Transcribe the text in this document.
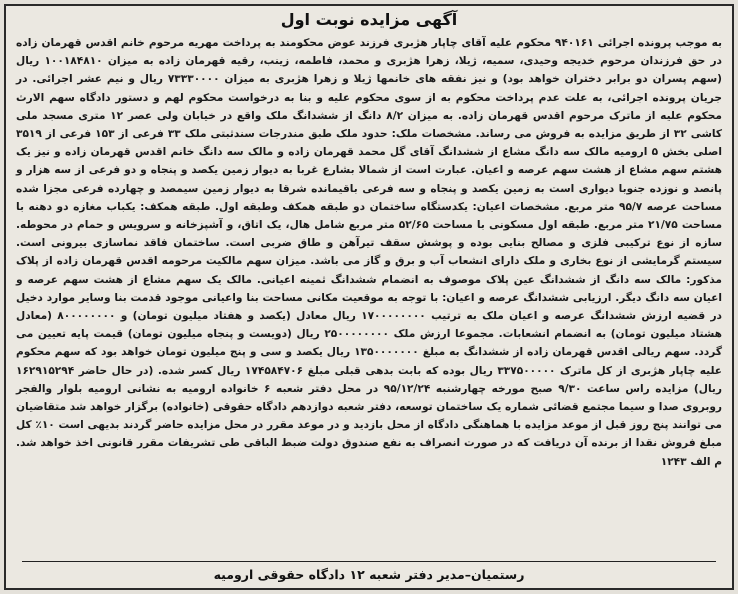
آگهی مزایده نوبت اول
به موجب پرونده اجرائی ۹۴۰۱۶۱ محکوم علیه آقای چاپار هژبری فرزند عوض محکومند به پرداخت مهریه مرحوم خانم اقدس قهرمان زاده در حق فرزندان مرحوم خدیجه وحیدی، سمیه، ژیلا، زهرا هژبری و محمد، فاطمه، زینب، رقیه قهرمان زاده به میزان ۱۰۰۱۸۴۸۱۰ ریال (سهم پسران دو برابر دختران خواهد بود) و نیز نفقه های خانمها ژیلا و زهرا هژبری به میزان ۷۳۳۳۰۰۰۰ ریال و نیم عشر اجرائی. در جریان پرونده اجرائی، به علت عدم پرداخت محکوم به از سوی محکوم علیه و بنا به درخواست محکوم لهم و دستور دادگاه سهم الارث محکوم علیه از ماترک مرحوم اقدس قهرمان زاده. به میزان ۸/۲ دانگ از ششدانگ ملک واقع در خیابان ولی عصر ۱۲ متری مسجد ملی کاشی ۳۲ از طریق مزایده به فروش می رساند. مشخصات ملک: حدود ملک طبق مندرجات سندثبتی ملک ۳۳ فرعی از ۱۵۳ فرعی از ۳۵۱۹ اصلی بخش ۵ ارومیه مالک سه دانگ مشاع از ششدانگ آقای گل محمد قهرمان زاده و مالک سه دانگ خانم اقدس قهرمان زاده و نیز یک هشتم سهم مشاع از هشت سهم عرصه و اعیان. عبارت است از شمالا بشارع غربا به دیوار زمین یکصد و پنجاه و دو فرعی از سه هزار و پانصد و نوزده جنوبا دیواری است به زمین یکصد و پنجاه و سه فرعی باقیمانده شرقا به دیوار زمین سیمصد و چهارده فرعی مجزا شده مساحت عرصه ۹۵/۷ متر مربع. مشخصات اعیان: یکدستگاه ساختمان دو طبقه همکف وطبقه اول. طبقه همکف: یکباب مغازه دو دهنه با مساحت ۲۱/۷۵ متر مربع. طبقه اول مسکونی با مساحت ۵۲/۶۵ متر مربع شامل هال، یک اتاق، و آشپزخانه و سرویس و حمام در محوطه. سازه از نوع ترکیبی فلزی و مصالح بنایی بوده و پوشش سقف تیرآهن و طاق ضربی است. ساختمان فاقد نماسازی بیرونی است. سیستم گرمایشی از نوع بخاری و ملک دارای انشعاب آب و برق و گاز می باشد. میزان سهم مالکیت مرحومه اقدس قهرمان زاده از پلاک مذکور: مالک سه دانگ از ششدانگ عین پلاک موصوف به انضمام ششدانگ ثمینه اعیانی. مالک یک سهم مشاع از هشت سهم عرصه و اعیان سه دانگ دیگر. ارزیابی ششدانگ عرصه و اعیان: با توجه به موقعیت مکانی مساحت بنا واعیانی موجود قدمت بنا وسایر موارد دخیل در قضیه ارزش ششدانگ عرصه و اعیان ملک به ترتیب ۱۷۰۰۰۰۰۰۰۰ ریال معادل (یکصد و هفتاد میلیون تومان) و ۸۰۰۰۰۰۰۰۰ (معادل هشتاد میلیون تومان) به انضمام انشعابات. مجموعا ارزش ملک ۲۵۰۰۰۰۰۰۰۰ ریال (دویست و پنجاه میلیون تومان) قیمت پایه تعیین می گردد. سهم ریالی اقدس قهرمان زاده از ششدانگ به مبلغ ۱۳۵۰۰۰۰۰۰۰ ریال یکصد و سی و پنج میلیون تومان خواهد بود که سهم محکوم علیه چاپار هژبری از کل ماترک ۳۳۷۵۰۰۰۰۰ ریال بوده که بابت بدهی قبلی مبلغ ۱۷۴۵۸۴۷۰۶ ریال کسر شده. (در حال حاضر ۱۶۲۹۱۵۲۹۴ ریال) مزایده راس ساعت ۹/۳۰ صبح مورخه چهارشنبه ۹۵/۱۲/۲۴ در محل دفتر شعبه ۶ خانواده ارومیه به نشانی ارومیه بلوار والفجر روبروی صدا و سیما مجتمع قضائی شماره یک ساختمان توسعه، دفتر شعبه دوازدهم دادگاه حقوقی (خانواده) برگزار خواهد شد متقاضیان می توانند پنج روز قبل از موعد مزایده با هماهنگی دادگاه از محل بازدید و در موعد مقرر در محل مزایده حاضر گردند بدیهی است ۱۰٪ کل مبلغ فروش نقدا از برنده آن دریافت که در صورت انصراف به نفع صندوق دولت ضبط الباقی طی تشریفات مقرر قانونی اخذ خواهد شد. م الف ۱۲۴۳
رستمیان–مدیر دفتر شعبه ۱۲ دادگاه حقوقی ارومیه
